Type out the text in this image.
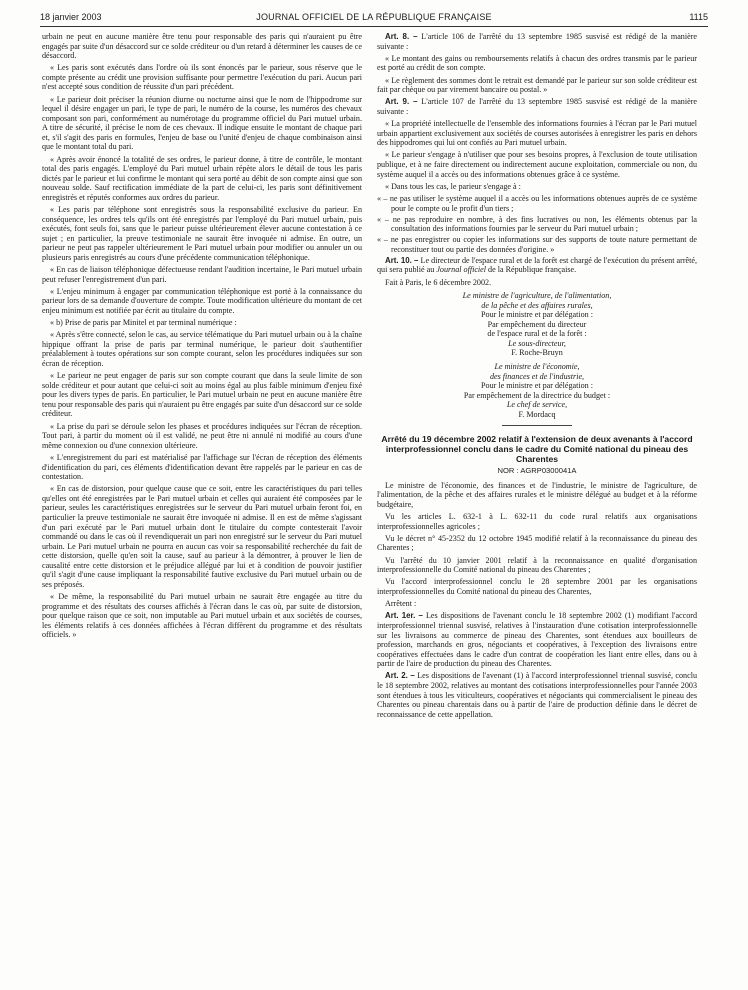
18 janvier 2003	JOURNAL OFFICIEL DE LA RÉPUBLIQUE FRANÇAISE	1115

urbain ne peut en aucune manière être tenu pour responsable des paris qui n'auraient pu être engagés par suite d'un désaccord sur ce solde créditeur ou d'un retard à déterminer les causes de ce désaccord.

« Les paris sont exécutés dans l'ordre où ils sont énoncés par le parieur, sous réserve que le compte présente au crédit une provision suffisante pour permettre l'exécution du pari. Aucun pari n'est accepté sous condition de réussite d'un pari précédent.

« Le parieur doit préciser la réunion diurne ou nocturne ainsi que le nom de l'hippodrome sur lequel il désire engager un pari, le type de pari, le numéro de la course, les numéros des chevaux composant son pari, conformément au numérotage du programme officiel du Pari mutuel urbain. A titre de sécurité, il précise le nom de ces chevaux. Il indique ensuite le montant de chaque pari et, s'il s'agit des paris en formules, l'enjeu de base ou l'unité d'enjeu de chaque combinaison ainsi que le montant total du pari.

« Après avoir énoncé la totalité de ses ordres, le parieur donne, à titre de contrôle, le montant total des paris engagés. L'employé du Pari mutuel urbain répète alors le détail de tous les paris dictés par le parieur et lui confirme le montant qui sera porté au débit de son compte ainsi que son nouveau solde. Sauf rectification immédiate de la part de celui-ci, les paris sont définitivement enregistrés et réputés conformes aux ordres du parieur.

« Les paris par téléphone sont enregistrés sous la responsabilité exclusive du parieur. En conséquence, les ordres tels qu'ils ont été enregistrés par l'employé du Pari mutuel urbain, puis exécutés, font seuls foi, sans que le parieur puisse ultérieurement élever aucune contestation à ce sujet ; en particulier, la preuve testimoniale ne saurait être invoquée ni admise. En outre, un parieur ne peut pas rappeler ultérieurement le Pari mutuel urbain pour modifier ou annuler un ou plusieurs paris enregistrés au cours d'une précédente communication téléphonique.

« En cas de liaison téléphonique défectueuse rendant l'audition incertaine, le Pari mutuel urbain peut refuser l'enregistrement d'un pari.

« L'enjeu minimum à engager par communication téléphonique est porté à la connaissance du parieur lors de sa demande d'ouverture de compte. Toute modification ultérieure du montant de cet enjeu minimum est notifiée par écrit au titulaire du compte.

« b) Prise de paris par Minitel et par terminal numérique :

« Après s'être connecté, selon le cas, au service télématique du Pari mutuel urbain ou à la chaîne hippique offrant la prise de paris par terminal numérique, le parieur doit s'authentifier préalablement à toutes opérations sur son compte courant, selon les procédures indiquées sur son écran de réception.

« Le parieur ne peut engager de paris sur son compte courant que dans la seule limite de son solde créditeur et pour autant que celui-ci soit au moins égal au plus faible minimum d'enjeu fixé pour les divers types de paris. En particulier, le Pari mutuel urbain ne peut en aucune manière être tenu pour responsable des paris qui n'auraient pu être engagés par suite d'un désaccord sur ce solde créditeur.

« La prise du pari se déroule selon les phases et procédures indiquées sur l'écran de réception. Tout pari, à partir du moment où il est validé, ne peut être ni annulé ni modifié au cours d'une même connexion ou d'une connexion ultérieure.

« L'enregistrement du pari est matérialisé par l'affichage sur l'écran de réception des éléments d'identification du pari, ces éléments d'identification devant être rappelés par le parieur en cas de contestation.

« En cas de distorsion, pour quelque cause que ce soit, entre les caractéristiques du pari telles qu'elles ont été enregistrées par le Pari mutuel urbain et celles qui auraient été composées par le parieur, seules les caractéristiques enregistrées sur le serveur du Pari mutuel urbain feront foi, en particulier la preuve testimoniale ne saurait être invoquée ni admise. Il en est de même s'agissant d'un pari exécuté par le Pari mutuel urbain dont le titulaire du compte contesterait l'avoir commandé ou dans le cas où il revendiquerait un pari non enregistré sur le serveur du Pari mutuel urbain. Le Pari mutuel urbain ne pourra en aucun cas voir sa responsabilité recherchée du fait de cette distorsion, quelle qu'en soit la cause, sauf au parieur à la démontrer, à prouver le lien de causalité entre cette distorsion et le préjudice allégué par lui et à condition de pouvoir justifier qu'il s'agit d'une cause impliquant la responsabilité fautive exclusive du Pari mutuel urbain ou de ses préposés.

« De même, la responsabilité du Pari mutuel urbain ne saurait être engagée au titre du programme et des résultats des courses affichés à l'écran dans le cas où, par suite de distorsion, pour quelque raison que ce soit, non imputable au Pari mutuel urbain et aux sociétés de courses, les éléments relatifs à ces données affichées à l'écran diffèrent du programme et des résultats officiels. »

Art. 8. – L'article 106 de l'arrêté du 13 septembre 1985 susvisé est rédigé de la manière suivante :

« Le montant des gains ou remboursements relatifs à chacun des ordres transmis par le parieur est porté au crédit de son compte.

« Le règlement des sommes dont le retrait est demandé par le parieur sur son solde créditeur est fait par chèque ou par virement bancaire ou postal. »

Art. 9. – L'article 107 de l'arrêté du 13 septembre 1985 susvisé est rédigé de la manière suivante :

« La propriété intellectuelle de l'ensemble des informations fournies à l'écran par le Pari mutuel urbain appartient exclusivement aux sociétés de courses autorisées à enregistrer les paris en dehors des hippodromes qui lui ont confiés au Pari mutuel urbain.

« Le parieur s'engage à n'utiliser que pour ses besoins propres, à l'exclusion de toute utilisation publique, et à ne faire directement ou indirectement aucune exploitation, commerciale ou non, du système auquel il a accès ou des informations obtenues grâce à ce système.

« Dans tous les cas, le parieur s'engage à :

« – ne pas utiliser le système auquel il a accès ou les informations obtenues auprès de ce système pour le compte ou le profit d'un tiers ;
« – ne pas reproduire en nombre, à des fins lucratives ou non, les éléments obtenus par la consultation des informations fournies par le serveur du Pari mutuel urbain ;
« – ne pas enregistrer ou copier les informations sur des supports de toute nature permettant de reconstituer tout ou partie des données d'origine. »

Art. 10. – Le directeur de l'espace rural et de la forêt est chargé de l'exécution du présent arrêté, qui sera publié au Journal officiel de la République française.

Fait à Paris, le 6 décembre 2002.

Le ministre de l'agriculture, de l'alimentation,

de la pêche et des affaires rurales,

Pour le ministre et par délégation :

Par empêchement du directeur

de l'espace rural et de la forêt :

Le sous-directeur,

F. Roche-Bruyn

Le ministre de l'économie,

des finances et de l'industrie,

Pour le ministre et par délégation :

Par empêchement de la directrice du budget :

Le chef de service,

F. Mordacq

Arrêté du 19 décembre 2002 relatif à l'extension de deux avenants à l'accord interprofessionnel conclu dans le cadre du Comité national du pineau des Charentes
NOR : AGRP0300041A

Le ministre de l'économie, des finances et de l'industrie, le ministre de l'agriculture, de l'alimentation, de la pêche et des affaires rurales et le ministre délégué au budget et à la réforme budgétaire,

Vu les articles L. 632-1 à L. 632-11 du code rural relatifs aux organisations interprofessionnelles agricoles ;

Vu le décret n° 45-2352 du 12 octobre 1945 modifié relatif à la reconnaissance du pineau des Charentes ;

Vu l'arrêté du 10 janvier 2001 relatif à la reconnaissance en qualité d'organisation interprofessionnelle du Comité national du pineau des Charentes ;

Vu l'accord interprofessionnel conclu le 28 septembre 2001 par les organisations interprofessionnelles du Comité national du pineau des Charentes,

Arrêtent :

Art. 1er. – Les dispositions de l'avenant conclu le 18 septembre 2002 (1) modifiant l'accord interprofessionnel triennal susvisé, relatives à l'instauration d'une cotisation interprofessionnelle sur les livraisons au commerce de pineau des Charentes, sont étendues aux bouilleurs de profession, marchands en gros, négociants et coopératives, à l'exception des livraisons entre coopératives effectuées dans le cadre d'un contrat de coopération les liant entre elles, dans ou à partir de l'aire de production du pineau des Charentes.

Art. 2. – Les dispositions de l'avenant (1) à l'accord interprofessionnel triennal susvisé, conclu le 18 septembre 2002, relatives au montant des cotisations interprofessionnelles pour l'année 2003 sont étendues à tous les viticulteurs, coopératives et négociants qui commercialisent le pineau des Charentes ou pineau charentais dans ou à partir de l'aire de production définie dans le décret de reconnaissance de cette appellation.
